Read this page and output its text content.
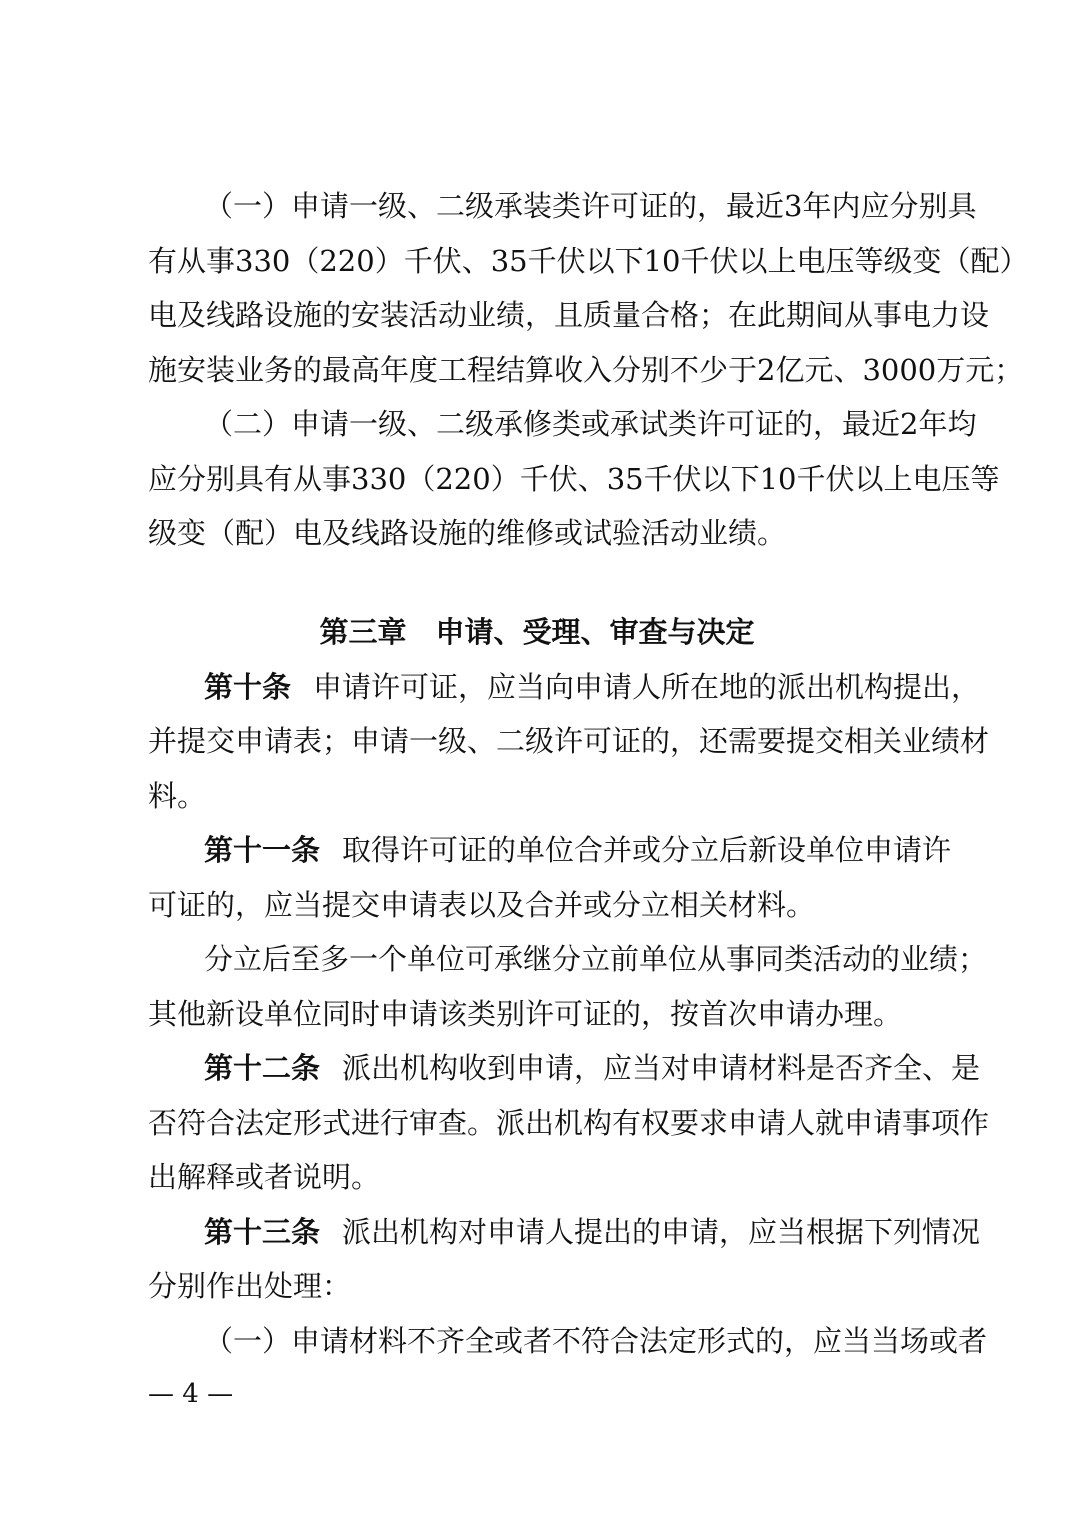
（一）申请一级、二级承装类许可证的，最近3年内应分别具
有从事330（220）千伏、35千伏以下10千伏以上电压等级变（配）
电及线路设施的安装活动业绩，且质量合格；在此期间从事电力设
施安装业务的最高年度工程结算收入分别不少于2亿元、3000万元；
（二）申请一级、二级承修类或承试类许可证的，最近2年均
应分别具有从事330（220）千伏、35千伏以下10千伏以上电压等
级变（配）电及线路设施的维修或试验活动业绩。
第三章　申请、受理、审查与决定
第十条 申请许可证，应当向申请人所在地的派出机构提出，
并提交申请表；申请一级、二级许可证的，还需要提交相关业绩材
料。
第十一条 取得许可证的单位合并或分立后新设单位申请许
可证的，应当提交申请表以及合并或分立相关材料。
分立后至多一个单位可承继分立前单位从事同类活动的业绩；
其他新设单位同时申请该类别许可证的，按首次申请办理。
第十二条 派出机构收到申请，应当对申请材料是否齐全、是
否符合法定形式进行审查。派出机构有权要求申请人就申请事项作
出解释或者说明。
第十三条 派出机构对申请人提出的申请，应当根据下列情况
分别作出处理：
（一）申请材料不齐全或者不符合法定形式的，应当当场或者
— 4 —
